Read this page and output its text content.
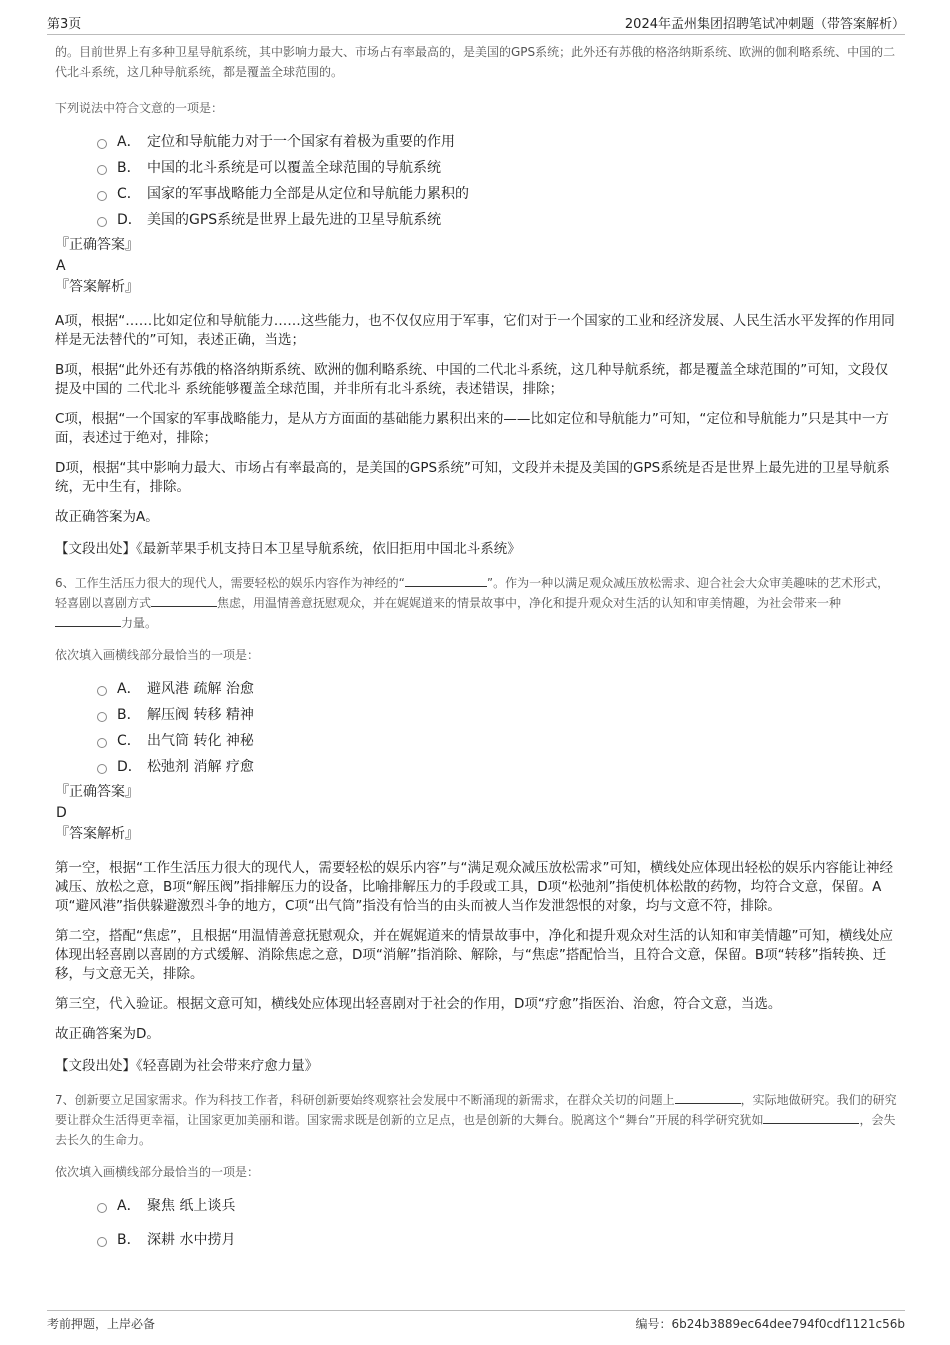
第3页	2024年孟州集团招聘笔试冲刺题（带答案解析）

的。目前世界上有多种卫星导航系统，其中影响力最大、市场占有率最高的，是美国的GPS系统；此外还有苏俄的格洛纳斯系统、欧洲的伽利略系统、中国的二代北斗系统，这几种导航系统，都是覆盖全球范围的。

下列说法中符合文意的一项是：

A． 定位和导航能力对于一个国家有着极为重要的作用
B． 中国的北斗系统是可以覆盖全球范围的导航系统
C． 国家的军事战略能力全部是从定位和导航能力累积的
D． 美国的GPS系统是世界上最先进的卫星导航系统

『正确答案』

A

『答案解析』

A项，根据“……比如定位和导航能力……这些能力，也不仅仅应用于军事，它们对于一个国家的工业和经济发展、人民生活水平发挥的作用同样是无法替代的”可知，表述正确，当选；

B项，根据“此外还有苏俄的格洛纳斯系统、欧洲的伽利略系统、中国的二代北斗系统，这几种导航系统，都是覆盖全球范围的”可知，文段仅提及中国的 二代北斗 系统能够覆盖全球范围，并非所有北斗系统，表述错误，排除；

C项，根据“一个国家的军事战略能力，是从方方面面的基础能力累积出来的——比如定位和导航能力”可知，“定位和导航能力”只是其中一方面，表述过于绝对，排除；

D项，根据“其中影响力最大、市场占有率最高的，是美国的GPS系统”可知，文段并未提及美国的GPS系统是否是世界上最先进的卫星导航系统，无中生有，排除。

故正确答案为A。

【文段出处】《最新苹果手机支持日本卫星导航系统，依旧拒用中国北斗系统》

6、工作生活压力很大的现代人，需要轻松的娱乐内容作为神经的“	”。作为一种以满足观众减压放松需求、迎合社会大众审美趣味的艺术形式，轻喜剧以喜剧方式	焦虑，用温情善意抚慰观众，并在娓娓道来的情景故事中，净化和提升观众对生活的认知和审美情趣，为社会带来一种力量。

依次填入画横线部分最恰当的一项是：

A． 避风港 疏解 治愈
B． 解压阀 转移 精神
C． 出气筒 转化 神秘
D． 松弛剂 消解 疗愈

『正确答案』

D

『答案解析』

第一空，根据“工作生活压力很大的现代人，需要轻松的娱乐内容”与“满足观众减压放松需求”可知，横线处应体现出轻松的娱乐内容能让神经减压、放松之意，B项“解压阀”指排解压力的设备，比喻排解压力的手段或工具，D项“松弛剂”指使机体松散的药物，均符合文意，保留。A项“避风港”指供躲避激烈斗争的地方，C项“出气筒”指没有恰当的由头而被人当作发泄怨恨的对象，均与文意不符，排除。

第二空，搭配“焦虑”，且根据“用温情善意抚慰观众，并在娓娓道来的情景故事中，净化和提升观众对生活的认知和审美情趣”可知，横线处应体现出轻喜剧以喜剧的方式缓解、消除焦虑之意，D项“消解”指消除、解除，与“焦虑”搭配恰当，且符合文意，保留。B项“转移”指转换、迁移，与文意无关，排除。

第三空，代入验证。根据文意可知，横线处应体现出轻喜剧对于社会的作用，D项“疗愈”指医治、治愈，符合文意，当选。

故正确答案为D。

【文段出处】《轻喜剧为社会带来疗愈力量》

7、创新要立足国家需求。作为科技工作者，科研创新要始终观察社会发展中不断涌现的新需求，在群众关切的问题上	，实际地做研究。我们的研究要让群众生活得更幸福，让国家更加美丽和谐。国家需求既是创新的立足点，也是创新的大舞台。脱离这个“舞台”开展的科学研究犹如	，会失去长久的生命力。

依次填入画横线部分最恰当的一项是：

A． 聚焦 纸上谈兵
B． 深耕 水中捞月
考前押题，上岸必备	编号：6b24b3889ec64dee794f0cdf1121c56b
